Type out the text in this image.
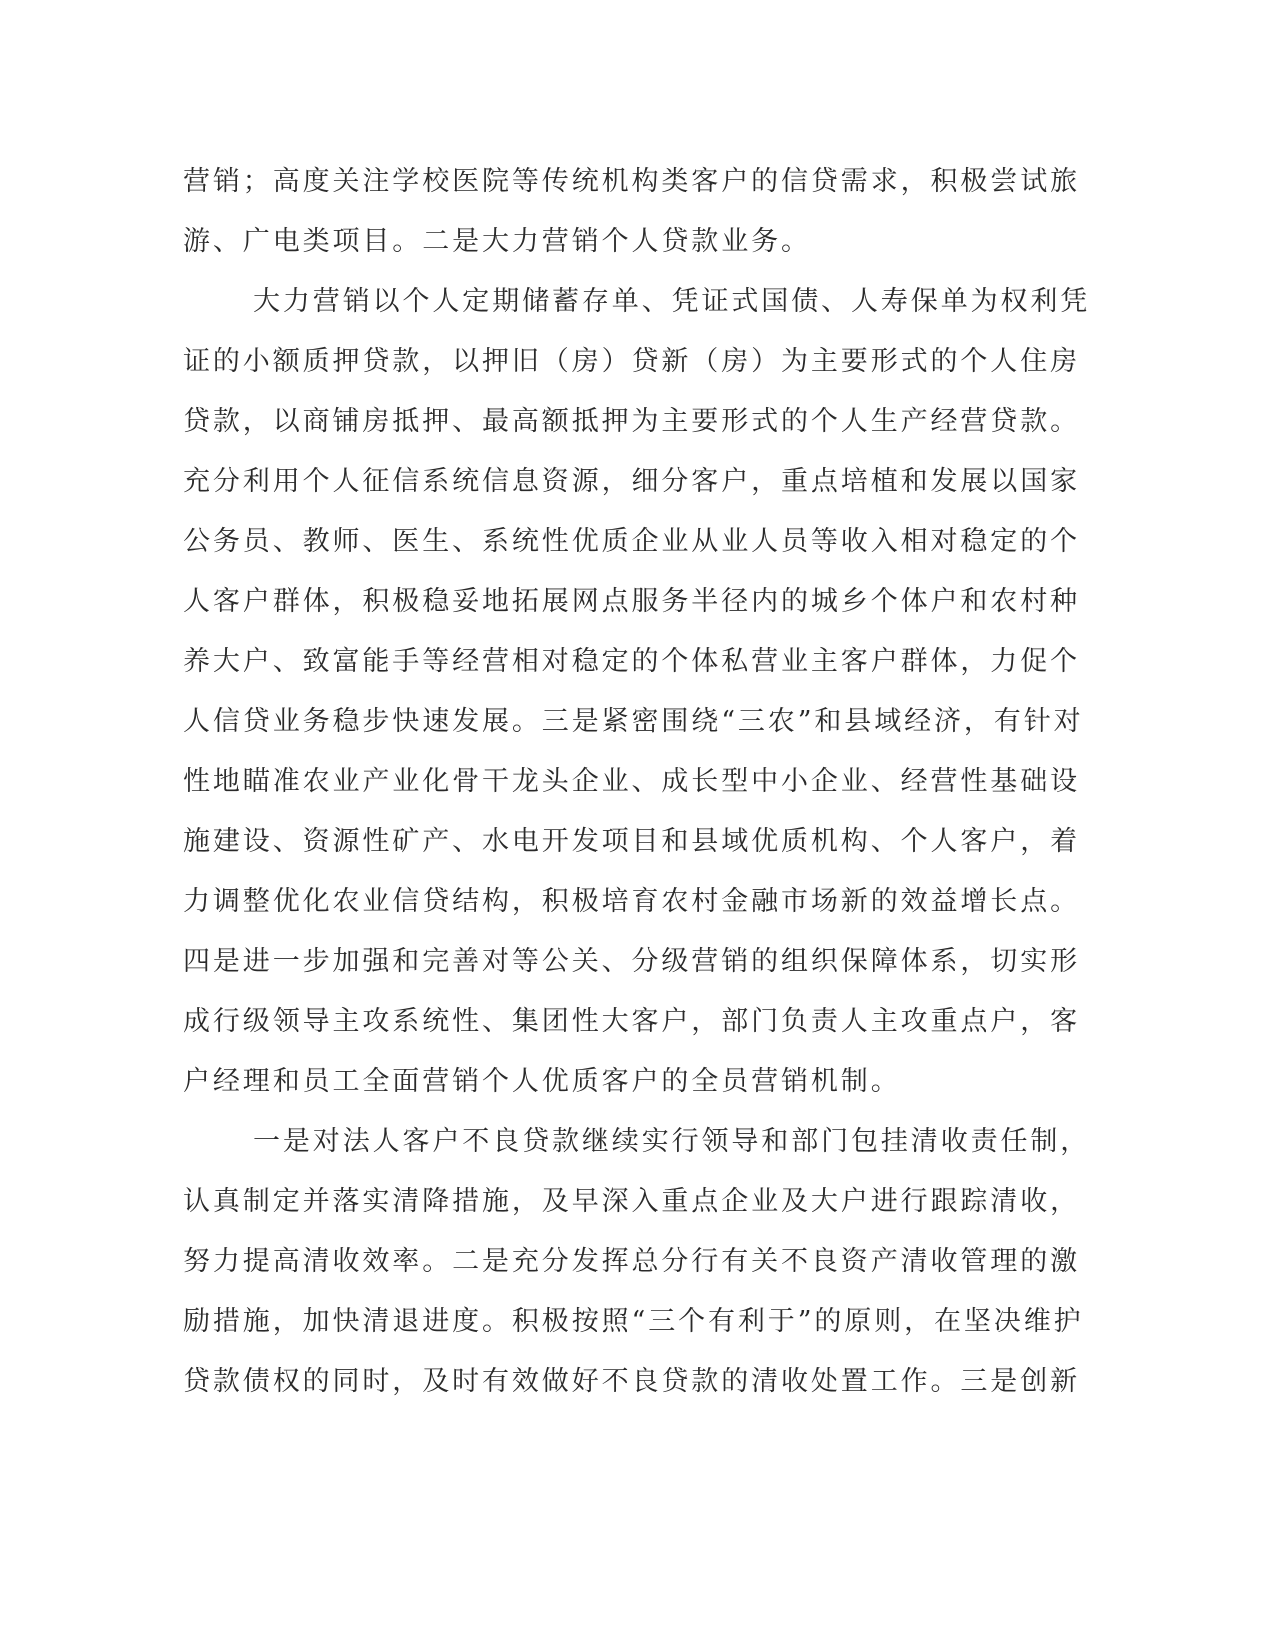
营销；高度关注学校医院等传统机构类客户的信贷需求，积极尝试旅
游、广电类项目。二是大力营销个人贷款业务。
大力营销以个人定期储蓄存单、凭证式国债、人寿保单为权利凭
证的小额质押贷款，以押旧（房）贷新（房）为主要形式的个人住房
贷款，以商铺房抵押、最高额抵押为主要形式的个人生产经营贷款。
充分利用个人征信系统信息资源，细分客户，重点培植和发展以国家
公务员、教师、医生、系统性优质企业从业人员等收入相对稳定的个
人客户群体，积极稳妥地拓展网点服务半径内的城乡个体户和农村种
养大户、致富能手等经营相对稳定的个体私营业主客户群体，力促个
人信贷业务稳步快速发展。三是紧密围绕“三农”和县域经济，有针对
性地瞄准农业产业化骨干龙头企业、成长型中小企业、经营性基础设
施建设、资源性矿产、水电开发项目和县域优质机构、个人客户，着
力调整优化农业信贷结构，积极培育农村金融市场新的效益增长点。
四是进一步加强和完善对等公关、分级营销的组织保障体系，切实形
成行级领导主攻系统性、集团性大客户，部门负责人主攻重点户，客
户经理和员工全面营销个人优质客户的全员营销机制。
一是对法人客户不良贷款继续实行领导和部门包挂清收责任制，
认真制定并落实清降措施，及早深入重点企业及大户进行跟踪清收，
努力提高清收效率。二是充分发挥总分行有关不良资产清收管理的激
励措施，加快清退进度。积极按照“三个有利于”的原则，在坚决维护
贷款债权的同时，及时有效做好不良贷款的清收处置工作。三是创新
